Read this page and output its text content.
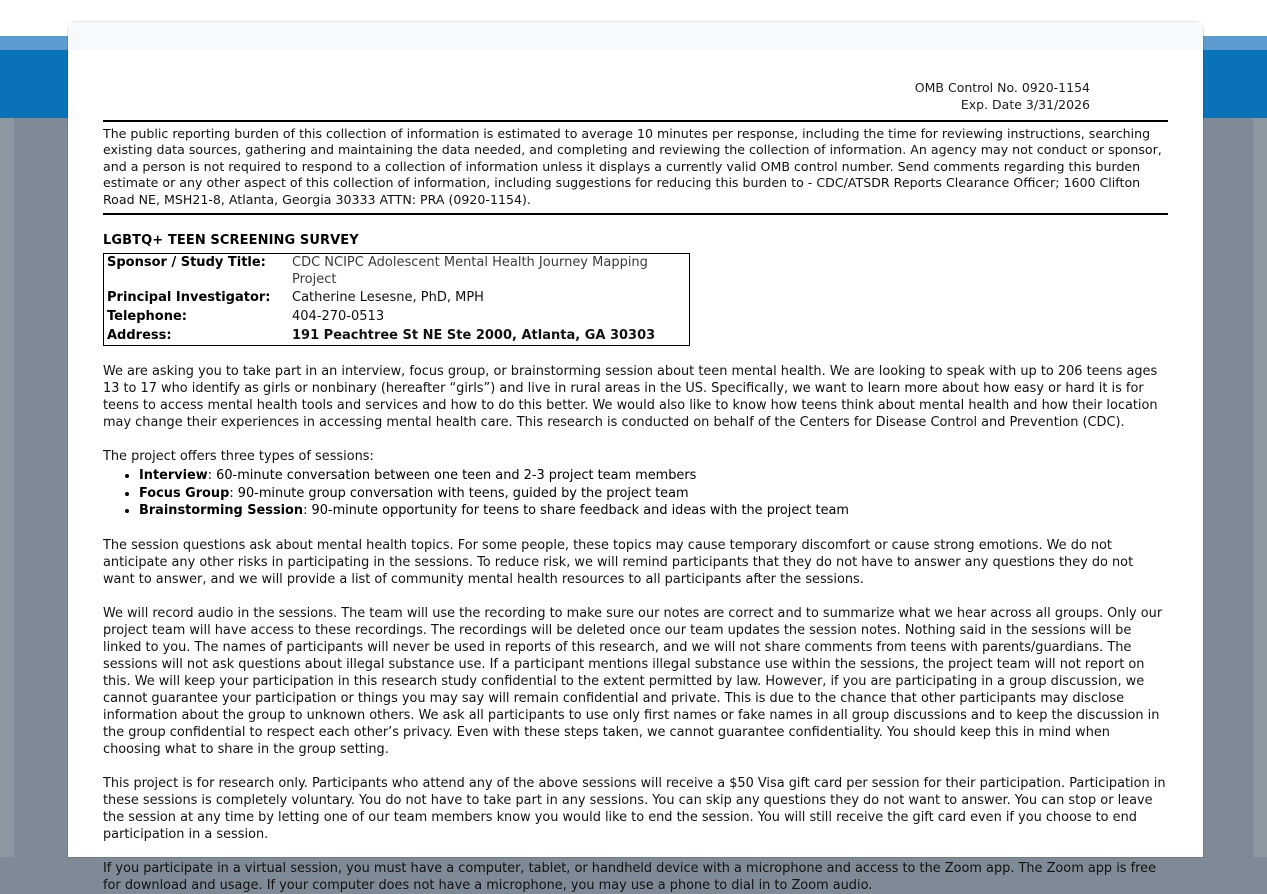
OMB Control No. 0920-1154
Exp. Date 3/31/2026
The public reporting burden of this collection of information is estimated to average 10 minutes per response, including the time for reviewing instructions, searching existing data sources, gathering and maintaining the data needed, and completing and reviewing the collection of information. An agency may not conduct or sponsor, and a person is not required to respond to a collection of information unless it displays a currently valid OMB control number. Send comments regarding this burden estimate or any other aspect of this collection of information, including suggestions for reducing this burden to - CDC/ATSDR Reports Clearance Officer; 1600 Clifton Road NE, MSH21-8, Atlanta, Georgia 30333 ATTN: PRA (0920-1154).
LGBTQ+ TEEN SCREENING SURVEY
Sponsor / Study Title:	CDC NCIPC Adolescent Mental Health Journey Mapping Project
Principal Investigator:	Catherine Lesesne, PhD, MPH
Telephone:	404-270-0513
Address:	191 Peachtree St NE Ste 2000, Atlanta, GA 30303
We are asking you to take part in an interview, focus group, or brainstorming session about teen mental health. We are looking to speak with up to 206 teens ages 13 to 17 who identify as girls or nonbinary (hereafter “girls”) and live in rural areas in the US. Specifically, we want to learn more about how easy or hard it is for teens to access mental health tools and services and how to do this better. We would also like to know how teens think about mental health and how their location may change their experiences in accessing mental health care. This research is conducted on behalf of the Centers for Disease Control and Prevention (CDC).
The project offers three types of sessions:
• Interview: 60-minute conversation between one teen and 2-3 project team members
• Focus Group: 90-minute group conversation with teens, guided by the project team
• Brainstorming Session: 90-minute opportunity for teens to share feedback and ideas with the project team
The session questions ask about mental health topics. For some people, these topics may cause temporary discomfort or cause strong emotions. We do not anticipate any other risks in participating in the sessions. To reduce risk, we will remind participants that they do not have to answer any questions they do not want to answer, and we will provide a list of community mental health resources to all participants after the sessions.
We will record audio in the sessions. The team will use the recording to make sure our notes are correct and to summarize what we hear across all groups. Only our project team will have access to these recordings. The recordings will be deleted once our team updates the session notes. Nothing said in the sessions will be linked to you. The names of participants will never be used in reports of this research, and we will not share comments from teens with parents/guardians. The sessions will not ask questions about illegal substance use. If a participant mentions illegal substance use within the sessions, the project team will not report on this. We will keep your participation in this research study confidential to the extent permitted by law. However, if you are participating in a group discussion, we cannot guarantee your participation or things you may say will remain confidential and private. This is due to the chance that other participants may disclose information about the group to unknown others. We ask all participants to use only first names or fake names in all group discussions and to keep the discussion in the group confidential to respect each other’s privacy. Even with these steps taken, we cannot guarantee confidentiality. You should keep this in mind when choosing what to share in the group setting.
This project is for research only. Participants who attend any of the above sessions will receive a $50 Visa gift card per session for their participation. Participation in these sessions is completely voluntary. You do not have to take part in any sessions. You can skip any questions they do not want to answer. You can stop or leave the session at any time by letting one of our team members know you would like to end the session. You will still receive the gift card even if you choose to end participation in a session.
If you participate in a virtual session, you must have a computer, tablet, or handheld device with a microphone and access to the Zoom app. The Zoom app is free for download and usage. If your computer does not have a microphone, you may use a phone to dial in to Zoom audio.
